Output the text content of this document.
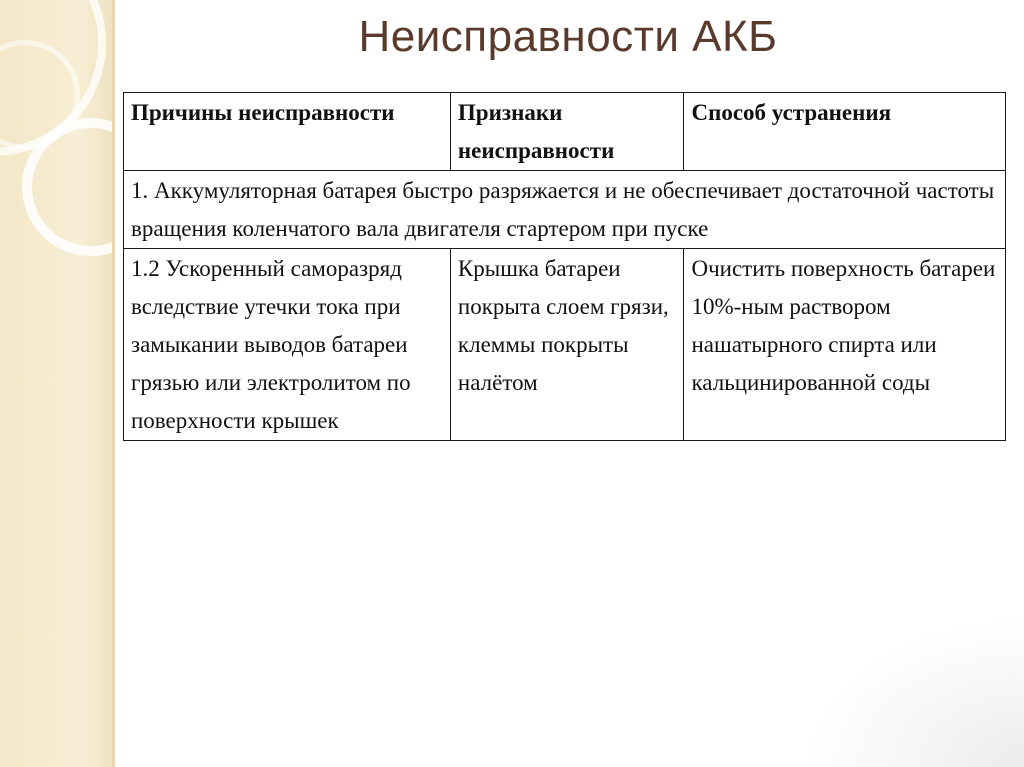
Неисправности АКБ
Причины неисправности	Признаки неисправности	Способ устранения
1. Аккумуляторная батарея быстро разряжается и не обеспечивает достаточной частоты вращения коленчатого вала двигателя стартером при пуске		
1.2 Ускоренный саморазряд вследствие утечки тока при замыкании выводов батареи грязью или электролитом по поверхности крышек	Крышка батареи покрыта слоем грязи, клеммы покрыты налётом	Очистить поверхность батареи 10%-ным раствором нашатырного спирта или кальцинированной соды
